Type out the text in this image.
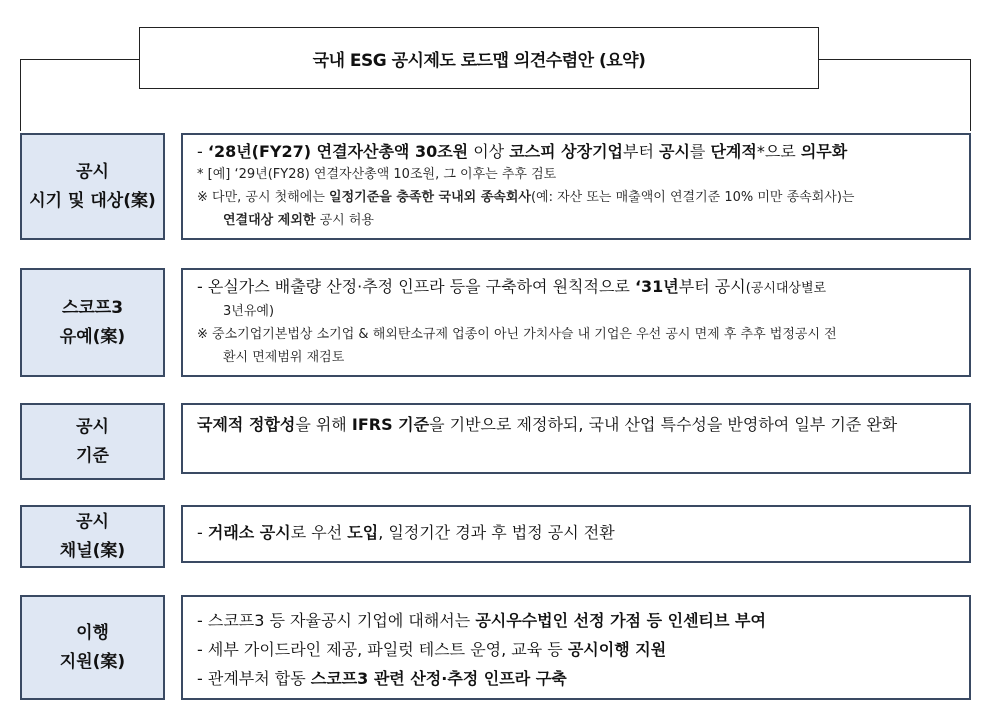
국내 ESG 공시제도 로드맵 의견수렴안 (요약)
공시
시기 및 대상(案)
- ‘28년(FY27) 연결자산총액 30조원 이상 코스피 상장기업부터 공시를 단계적*으로 의무화
* [예] ‘29년(FY28) 연결자산총액 10조원, 그 이후는 추후 검토
※ 다만, 공시 첫해에는 일정기준을 충족한 국내외 종속회사(예: 자산 또는 매출액이 연결기준 10% 미만 종속회사)는
연결대상 제외한 공시 허용
스코프3
유예(案)
- 온실가스 배출량 산정·추정 인프라 등을 구축하여 원칙적으로 ‘31년부터 공시(공시대상별로
3년유예)
※ 중소기업기본법상 소기업 & 해외탄소규제 업종이 아닌 가치사슬 내 기업은 우선 공시 면제 후 추후 법정공시 전
환시 면제범위 재검토
공시
기준
국제적 정합성을 위해 IFRS 기준을 기반으로 제정하되, 국내 산업 특수성을 반영하여 일부 기준 완화
공시
채널(案)
- 거래소 공시로 우선 도입, 일정기간 경과 후 법정 공시 전환
이행
지원(案)
- 스코프3 등 자율공시 기업에 대해서는 공시우수법인 선정 가점 등 인센티브 부여
- 세부 가이드라인 제공, 파일럿 테스트 운영, 교육 등 공시이행 지원
- 관계부처 합동 스코프3 관련 산정·추정 인프라 구축
